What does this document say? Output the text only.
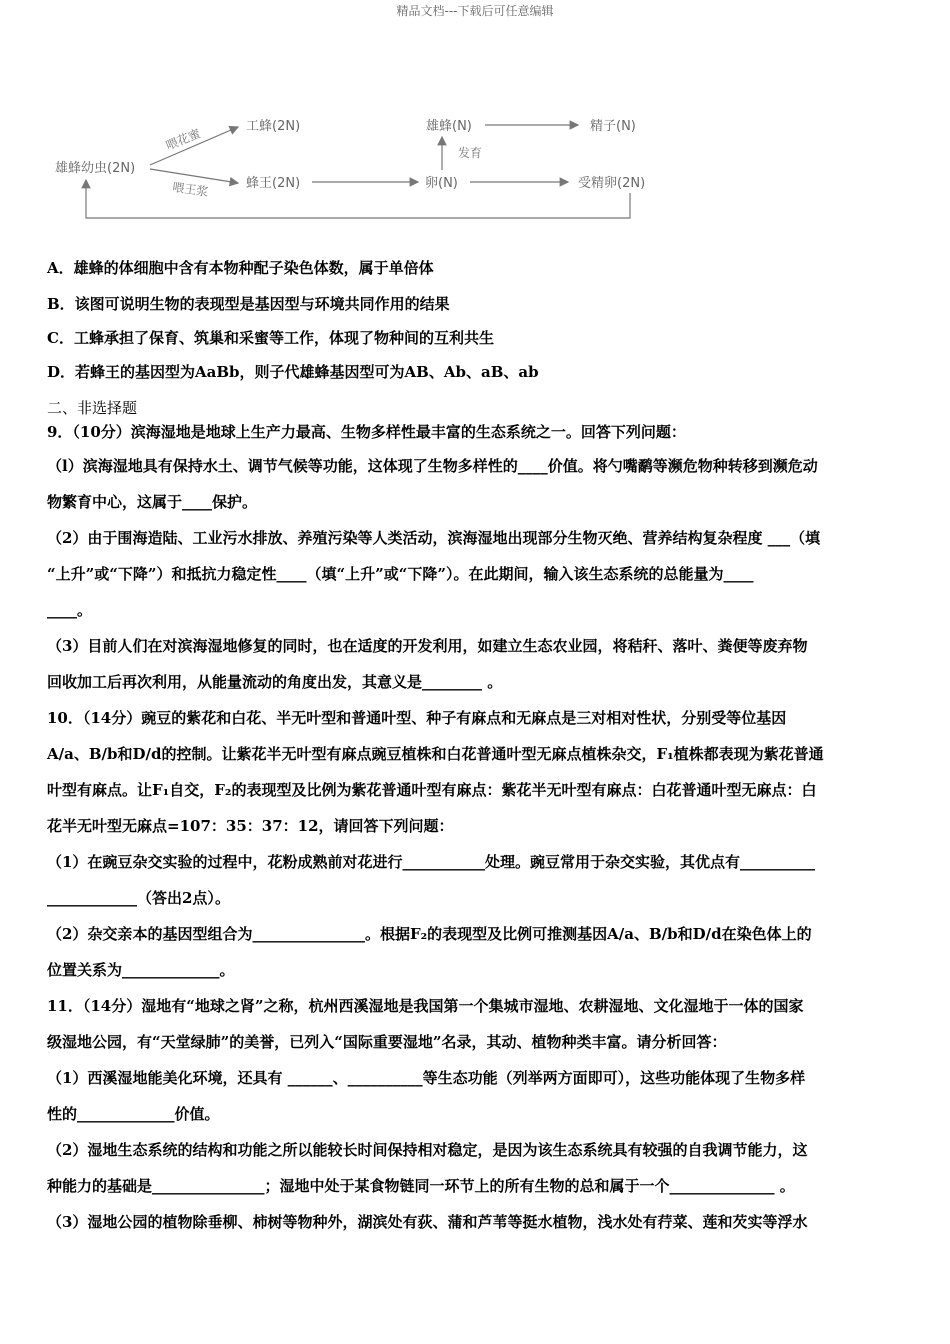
精品文档---下载后可任意编辑
雄蜂幼虫(2N)
喂花蜜
喂王浆
工蜂(2N)
蜂王(2N)	卵(N)
发育
雄蜂(N)	精子(N)
受精卵(2N)
A．雄蜂的体细胞中含有本物种配子染色体数，属于单倍体
B．该图可说明生物的表现型是基因型与环境共同作用的结果
C．工蜂承担了保育、筑巢和采蜜等工作，体现了物种间的互利共生
D．若蜂王的基因型为AaBb，则子代雄蜂基因型可为AB、Ab、aB、ab
二、非选择题
9．（10分）滨海湿地是地球上生产力最高、生物多样性最丰富的生态系统之一。回答下列问题：
（l）滨海湿地具有保持水土、调节气候等功能，这体现了生物多样性的____价值。将勺嘴鹬等濒危物种转移到濒危动
物繁育中心，这属于____保护。
（2）由于围海造陆、工业污水排放、养殖污染等人类活动，滨海湿地出现部分生物灭绝、营养结构复杂程度 ___（填
“上升”或“下降”）和抵抗力稳定性____（填“上升”或“下降”）。在此期间，输入该生态系统的总能量为____
____。
（3）目前人们在对滨海湿地修复的同时，也在适度的开发利用，如建立生态农业园，将秸秆、落叶、粪便等废弃物
回收加工后再次利用，从能量流动的角度出发，其意义是________ 。
10．（14分）豌豆的紫花和白花、半无叶型和普通叶型、种子有麻点和无麻点是三对相对性状，分别受等位基因
A/a、B/b和D/d的控制。让紫花半无叶型有麻点豌豆植株和白花普通叶型无麻点植株杂交，F₁植株都表现为紫花普通
叶型有麻点。让F₁自交，F₂的表现型及比例为紫花普通叶型有麻点：紫花半无叶型有麻点：白花普通叶型无麻点：白
花半无叶型无麻点=107：35：37：12，请回答下列问题：
（1）在豌豆杂交实验的过程中，花粉成熟前对花进行___________处理。豌豆常用于杂交实验，其优点有__________
____________（答出2点）。
（2）杂交亲本的基因型组合为_______________。根据F₂的表现型及比例可推测基因A/a、B/b和D/d在染色体上的
位置关系为_____________。
11．（14分）湿地有“地球之肾”之称，杭州西溪湿地是我国第一个集城市湿地、农耕湿地、文化湿地于一体的国家
级湿地公园，有“天堂绿肺”的美誉，已列入“国际重要湿地”名录，其动、植物种类丰富。请分析回答：
（1）西溪湿地能美化环境，还具有 ______、__________等生态功能（列举两方面即可），这些功能体现了生物多样
性的_____________价值。
（2）湿地生态系统的结构和功能之所以能较长时间保持相对稳定，是因为该生态系统具有较强的自我调节能力，这
种能力的基础是_______________；湿地中处于某食物链同一环节上的所有生物的总和属于一个______________ 。
（3）湿地公园的植物除垂柳、柿树等物种外，湖滨处有荻、蒲和芦苇等挺水植物，浅水处有荇菜、莲和芡实等浮水
